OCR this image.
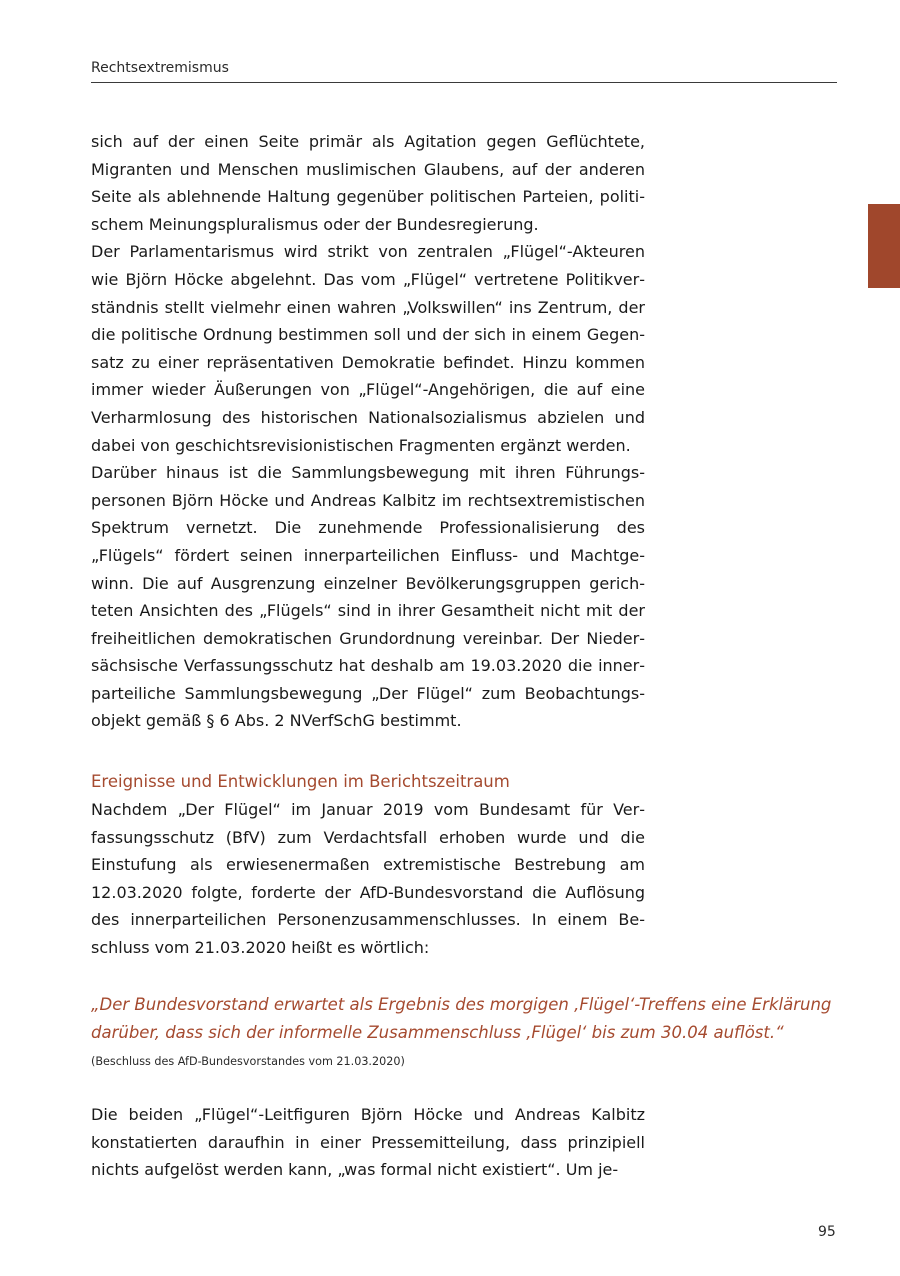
Rechtsextremismus

sich auf der einen Seite primär als Agitation gegen Geflüchtete, Migranten und Menschen muslimischen Glaubens, auf der anderen Seite als ablehnende Haltung gegenüber politischen Parteien, politischem Meinungspluralismus oder der Bundesregierung.

Der Parlamentarismus wird strikt von zentralen „Flügel“-Akteuren wie Björn Höcke abgelehnt. Das vom „Flügel“ vertretene Politikverständnis stellt vielmehr einen wahren „Volkswillen“ ins Zentrum, der die politische Ordnung bestimmen soll und der sich in einem Gegensatz zu einer repräsentativen Demokratie befindet. Hinzu kommen immer wieder Äußerungen von „Flügel“-Angehörigen, die auf eine Verharmlosung des historischen Nationalsozialismus abzielen und dabei von geschichtsrevisionistischen Fragmenten ergänzt werden.

Darüber hinaus ist die Sammlungsbewegung mit ihren Führungspersonen Björn Höcke und Andreas Kalbitz im rechtsextremistischen Spektrum vernetzt. Die zunehmende Professionalisierung des „Flügels“ fördert seinen innerparteilichen Einfluss- und Machtgewinn. Die auf Ausgrenzung einzelner Bevölkerungsgruppen gerichteten Ansichten des „Flügels“ sind in ihrer Gesamtheit nicht mit der freiheitlichen demokratischen Grundordnung vereinbar. Der Niedersächsische Verfassungsschutz hat deshalb am 19.03.2020 die innerparteiliche Sammlungsbewegung „Der Flügel“ zum Beobachtungsobjekt gemäß § 6 Abs. 2 NVerfSchG bestimmt.

Ereignisse und Entwicklungen im Berichtszeitraum

Nachdem „Der Flügel“ im Januar 2019 vom Bundesamt für Verfassungsschutz (BfV) zum Verdachtsfall erhoben wurde und die Einstufung als erwiesenermaßen extremistische Bestrebung am 12.03.2020 folgte, forderte der AfD-Bundesvorstand die Auflösung des innerparteilichen Personenzusammenschlusses. In einem Beschluss vom 21.03.2020 heißt es wörtlich:

„Der Bundesvorstand erwartet als Ergebnis des morgigen ‚Flügel‘-Treffens eine Erklärung
darüber, dass sich der informelle Zusammenschluss ‚Flügel‘ bis zum 30.04 auflöst.“
(Beschluss des AfD-Bundesvorstandes vom 21.03.2020)

Die beiden „Flügel“-Leitfiguren Björn Höcke und Andreas Kalbitz konstatierten daraufhin in einer Pressemitteilung, dass prinzipiell nichts aufgelöst werden kann, „was formal nicht existiert“. Um je-

95
